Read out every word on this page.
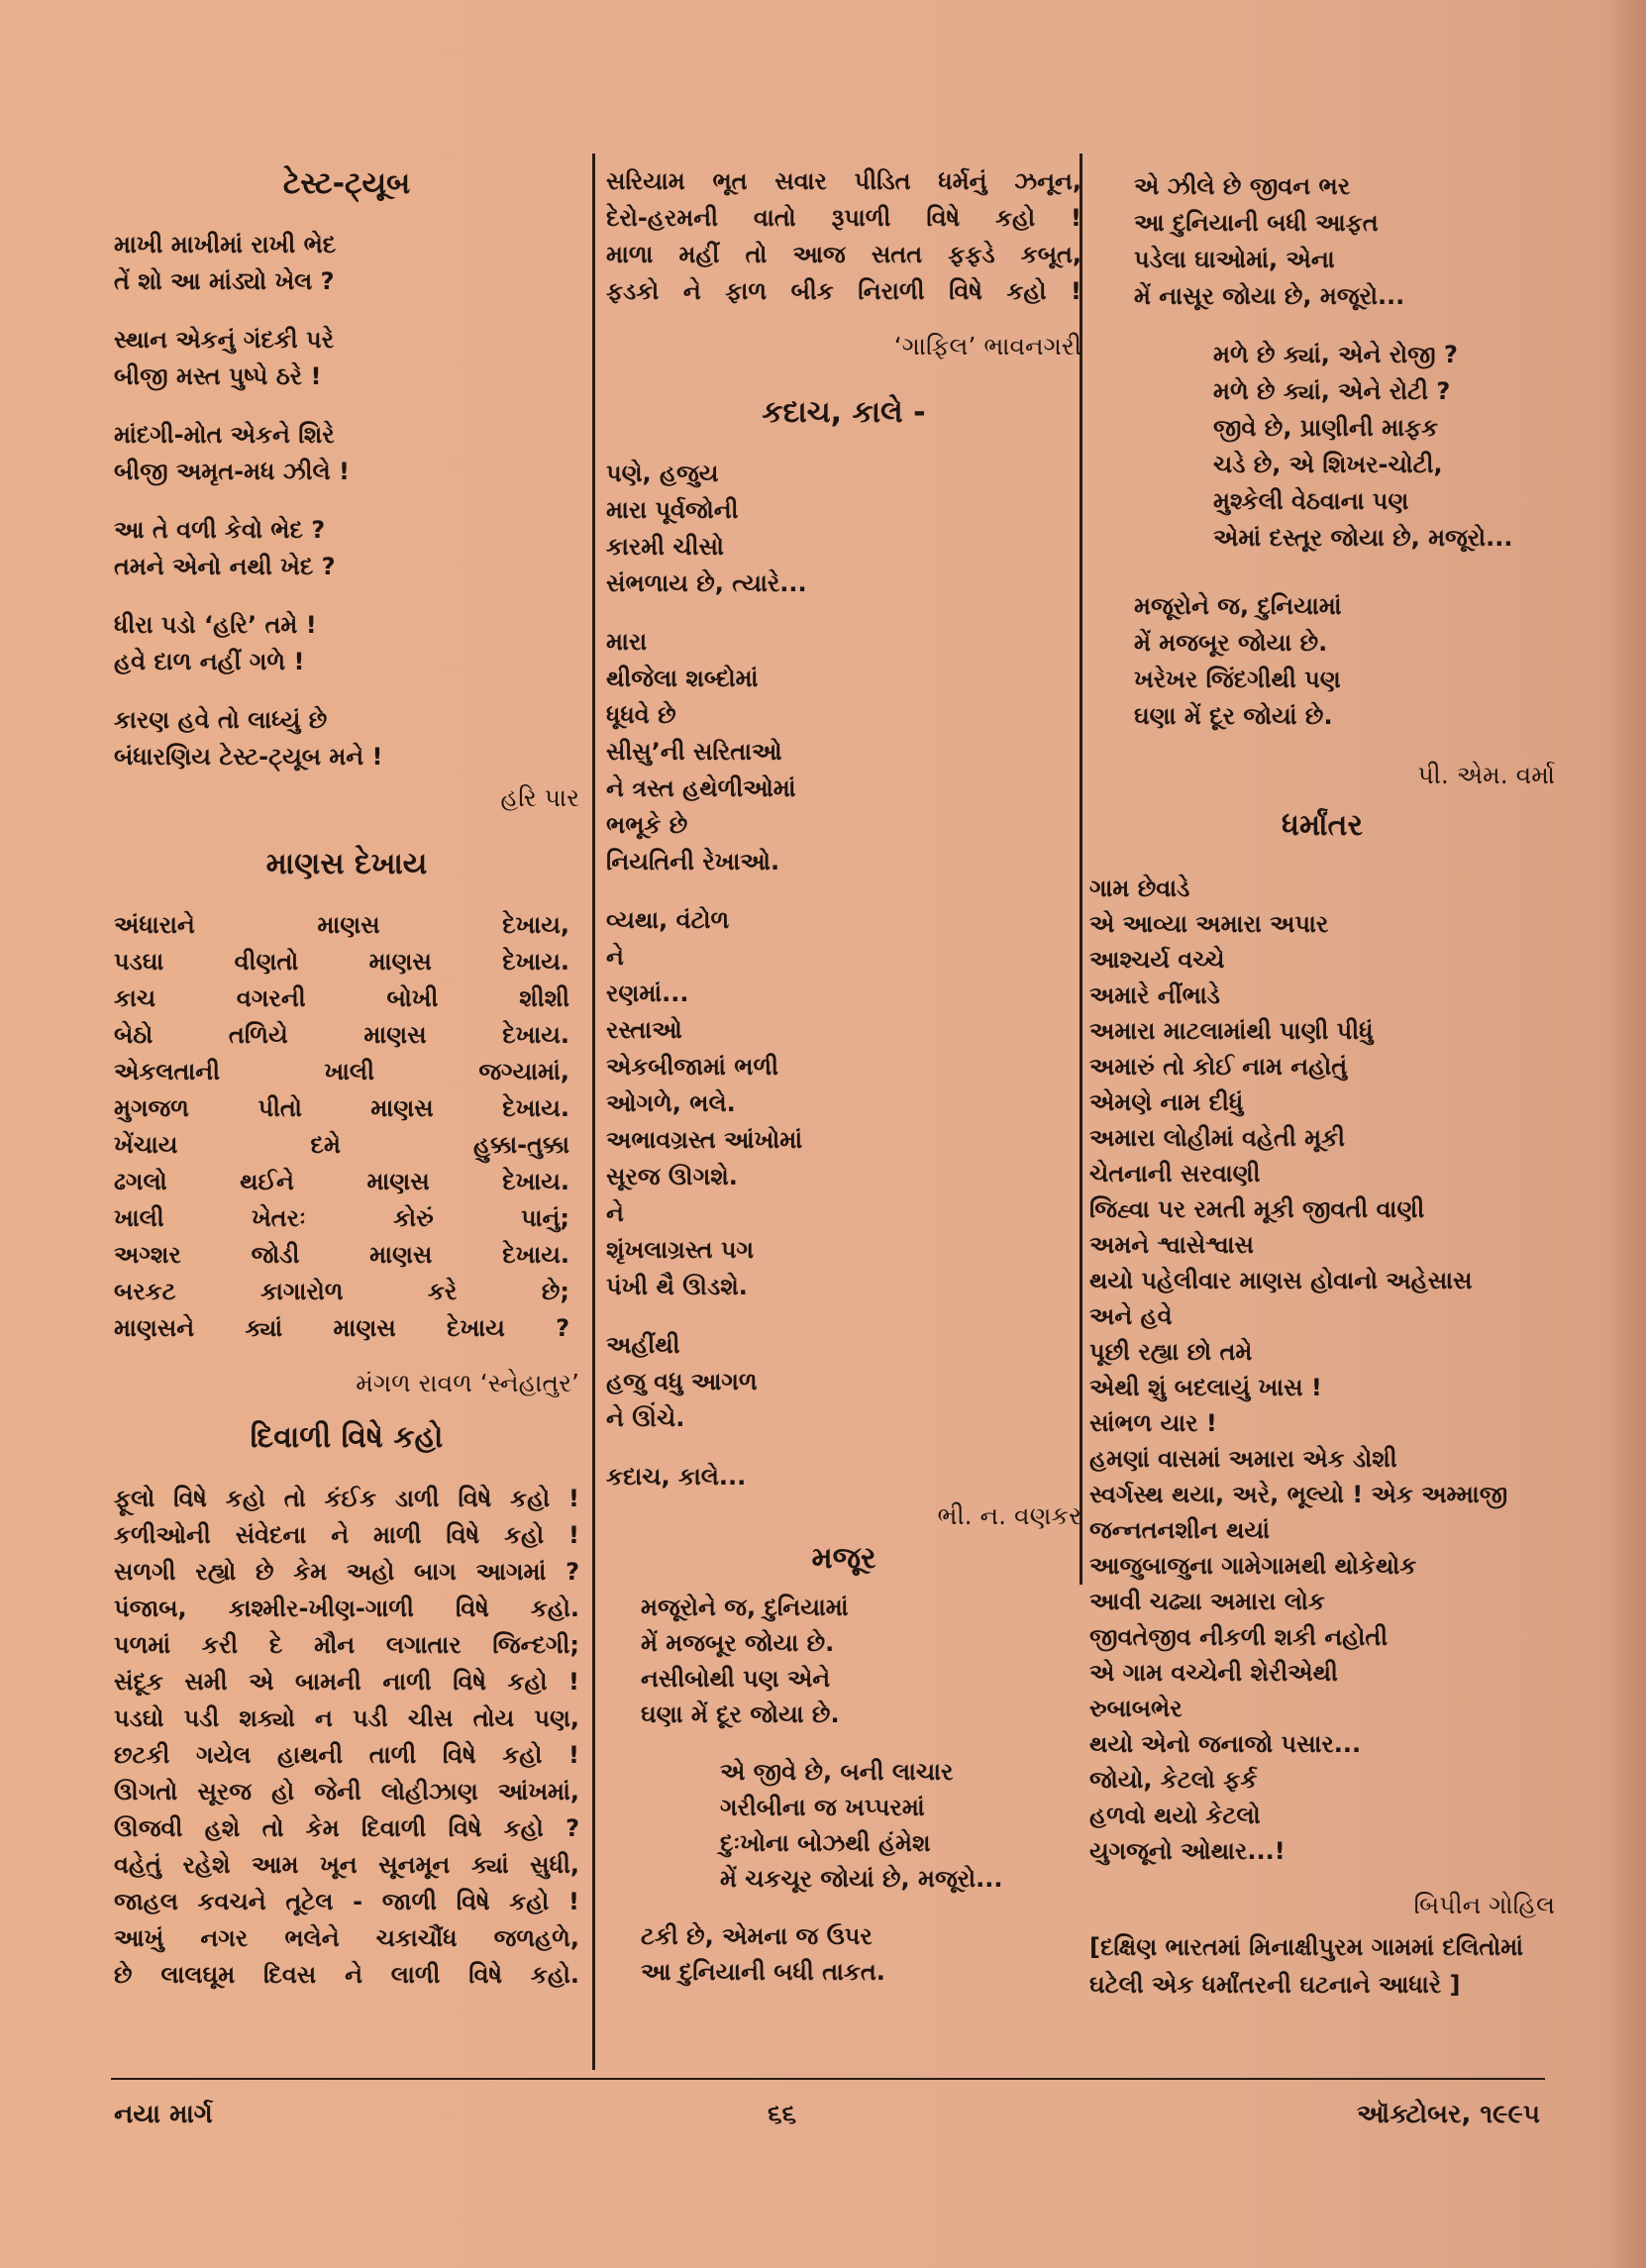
ટેસ્ટ-ટ્યૂબ
માખી માખીમાં રાખી ભેદ
તેં શો આ માંડ્યો ખેલ ?
સ્થાન એકનું ગંદકી પરે
બીજી મસ્ત પુષ્પે ઠરે !
માંદગી-મોત એકને શિરે
બીજી અમૃત-મધ ઝીલે !
આ તે વળી કેવો ભેદ ?
તમને એનો નથી ખેદ ?
ધીરા પડો ‘હરિ’ તમે !
હવે દાળ નહીં ગળે !
કારણ હવે તો લાધ્યું છે
બંધારણિય ટેસ્ટ-ટ્યૂબ મને !
હરિ પાર
માણસ દેખાય
અંધારાને માણસ દેખાય,
પડઘા વીણતો માણસ દેખાય.
કાચ વગરની બોખી શીશી
બેઠો તળિયે માણસ દેખાય.
એકલતાની ખાલી જગ્યામાં,
મુગજળ પીતો માણસ દેખાય.
ખેંચાય દમે હુક્કા-તુક્કા
ઢગલો થઈને માણસ દેખાય.
ખાલી ખેતરઃ કોરું પાનું;
અગ્શર જોડી માણસ દેખાય.
બરકટ કાગારોળ કરે છે;
માણસને ક્યાં માણસ દેખાય ?
મંગળ રાવળ ‘સ્નેહાતુર’
દિવાળી વિષે કહો
ફૂલો વિષે કહો તો કંઈક ડાળી વિષે કહો !
કળીઓની સંવેદના ને માળી વિષે કહો !
સળગી રહ્યો છે કેમ અહો બાગ આગમાં ?
પંજાબ, કાશ્મીર-ખીણ-ગાળી વિષે કહો.
પળમાં કરી દે મૌન લગાતાર જિન્દગી;
સંદૂક સમી એ બામની નાળી વિષે કહો !
પડઘો પડી શક્યો ન પડી ચીસ તોય પણ,
છટકી ગયેલ હાથની તાળી વિષે કહો !
ઊગતો સૂરજ હો જેની લોહીઝાણ આંખમાં,
ઊજવી હશે તો કેમ દિવાળી વિષે કહો ?
વહેતું રહેશે આમ ખૂન સૂનમૂન ક્યાં સુધી,
જાહલ કવચને તૂટેલ - જાળી વિષે કહો !
આખું નગર ભલેને ચકાચૌંધ જળહળે,
છે લાલઘૂમ દિવસ ને લાળી વિષે કહો.
સરિયામ ભૂત સવાર પીડિત ધર્મનું ઝનૂન,
દેરો-હરમની વાતો રૂપાળી વિષે કહો !
માળા મહીં તો આજ સતત ફફડે કબૂત,
ફડકો ને ફાળ બીક નિરાળી વિષે કહો !
‘ગાફિલ’ ભાવનગરી
કદાચ, કાલે -
પણે, હજુય
મારા પૂર્વજોની
કારમી ચીસો
સંભળાય છે, ત્યારે...
મારા
થીજેલા શબ્દોમાં
ધૂધવે છે
સીસુ’ની સરિતાઓ
ને ત્રસ્ત હથેળીઓમાં
ભભૂકે છે
નિયતિની રેખાઓ.
વ્યથા, વંટોળ
ને
રણમાં...
રસ્તાઓ
એકબીજામાં ભળી
ઓગળે, ભલે.
અભાવગ્રસ્ત આંખોમાં
સૂરજ ઊગશે.
ને
શૃંખલાગ્રસ્ત પગ
પંખી થૈ ઊડશે.
અહીંથી
હજુ વધુ આગળ
ને ઊંચે.
કદાચ, કાલે...
ભી. ન. વણકર
મજૂર
મજૂરોને જ, દુનિયામાં
મેં મજબૂર જોયા છે.
નસીબોથી પણ એને
ઘણા મેં દૂર જોયા છે.
એ જીવે છે, બની લાચાર
ગરીબીના જ ખપ્પરમાં
દુઃખોના બોઝથી હંમેશ
મેં ચકચૂર જોયાં છે, મજૂરો...
ટકી છે, એમના જ ઉપર
આ દુનિયાની બધી તાકત.
એ ઝીલે છે જીવન ભર
આ દુનિયાની બધી આફત
પડેલા ઘાઓમાં, એના
મેં નાસૂર જોયા છે, મજૂરો...
મળે છે ક્યાં, એને રોજી ?
મળે છે ક્યાં, એને રોટી ?
જીવે છે, પ્રાણીની માફક
ચડે છે, એ શિખર-ચોટી,
મુશ્કેલી વેઠવાના પણ
એમાં દસ્તૂર જોયા છે, મજૂરો...
મજૂરોને જ, દુનિયામાં
મેં મજબૂર જોયા છે.
ખરેખર જિંદગીથી પણ
ઘણા મેં દૂર જોયાં છે.
પી. એમ. વર્મા
ધર્માંતર
ગામ છેવાડે
એ આવ્યા અમારા અપાર
આશ્ચર્ય વચ્ચે
અમારે નીંભાડે
અમારા માટલામાંથી પાણી પીધું
અમારું તો કોઈ નામ નહોતું
એમણે નામ દીધું
અમારા લોહીમાં વહેતી મૂકી
ચેતનાની સરવાણી
જિહ્વા પર રમતી મૂકી જીવતી વાણી
અમને શ્વાસેશ્વાસ
થયો પહેલીવાર માણસ હોવાનો અહેસાસ
અને હવે
પૂછી રહ્યા છો તમે
એથી શું બદલાયું ખાસ !
સાંભળ યાર !
હમણાં વાસમાં અમારા એક ડોશી
સ્વર્ગસ્થ થયા, અરે, ભૂલ્યો ! એક અમ્માજી
જન્નતનશીન થયાં
આજુબાજુના ગામેગામથી થોકેથોક
આવી ચઢ્યા અમારા લોક
જીવતેજીવ નીકળી શકી નહોતી
એ ગામ વચ્ચેની શેરીએથી
રુબાબભેર
થયો એનો જનાજો પસાર...
જોયો, કેટલો ફર્ક
હળવો થયો કેટલો
યુગજૂનો ઓથાર...!
બિપીન ગોહિલ
[દક્ષિણ ભારતમાં મિનાક્ષીપુરમ ગામમાં દલિતોમાં
ઘટેલી એક ધર્માંતરની ઘટનાને આધારે ]
નયા માર્ગ	૬૬	ઑક્ટોબર, ૧૯૯૫
